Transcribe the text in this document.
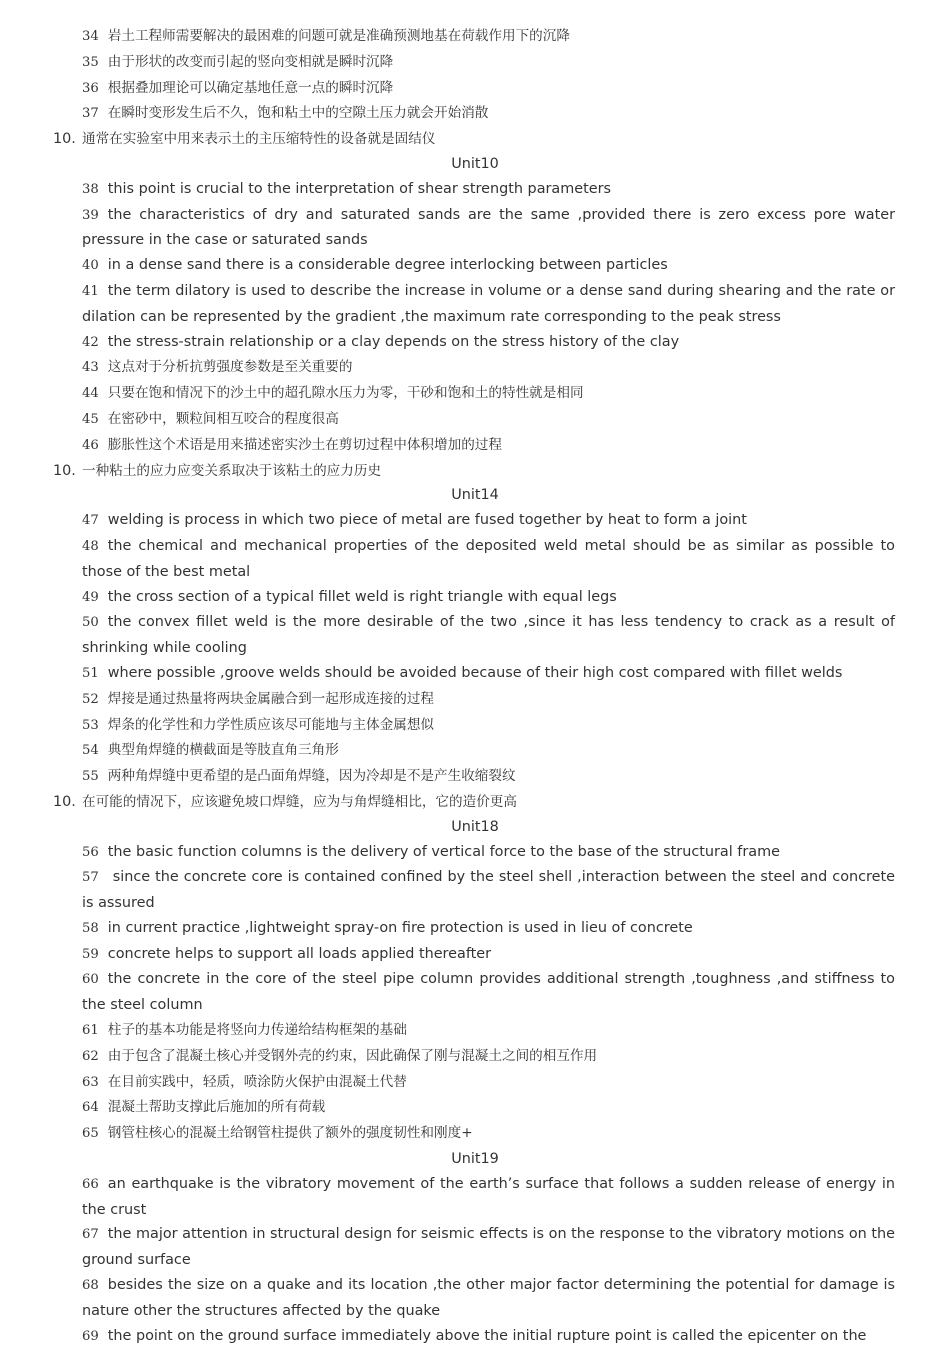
34 岩土工程师需要解决的最困难的问题可就是准确预测地基在荷载作用下的沉降
35 由于形状的改变而引起的竖向变相就是瞬时沉降
36 根据叠加理论可以确定基地任意一点的瞬时沉降
37 在瞬时变形发生后不久，饱和粘土中的空隙土压力就会开始消散
10. 通常在实验室中用来表示土的主压缩特性的设备就是固结仪
Unit10
38 this point is crucial to the interpretation of shear strength parameters
39 the characteristics of dry and saturated sands are the same ,provided there is zero excess pore water pressure in the case or saturated sands
40 in a dense sand there is a considerable degree interlocking between particles
41 the term dilatory is used to describe the increase in volume or a dense sand during shearing and the rate or dilation can be represented by the gradient ,the maximum rate corresponding to the peak stress
42 the stress-strain relationship or a clay depends on the stress history of the clay
43 这点对于分析抗剪强度参数是至关重要的
44 只要在饱和情况下的沙土中的超孔隙水压力为零，干砂和饱和土的特性就是相同
45 在密砂中，颗粒间相互咬合的程度很高
46 膨胀性这个术语是用来描述密实沙土在剪切过程中体积增加的过程
10. 一种粘土的应力应变关系取决于该粘土的应力历史
Unit14
47 welding is process in which two piece of metal are fused together by heat to form a joint
48 the chemical and mechanical properties of the deposited weld metal should be as similar as possible to those of the best metal
49 the cross section of a typical fillet weld is right triangle with equal legs
50 the convex fillet weld is the more desirable of the two ,since it has less tendency to crack as a result of shrinking while cooling
51 where possible ,groove welds should be avoided because of their high cost compared with fillet welds
52 焊接是通过热量将两块金属融合到一起形成连接的过程
53 焊条的化学性和力学性质应该尽可能地与主体金属想似
54 典型角焊缝的横截面是等肢直角三角形
55 两种角焊缝中更希望的是凸面角焊缝，因为冷却是不是产生收缩裂纹
10. 在可能的情况下，应该避免坡口焊缝，应为与角焊缝相比，它的造价更高
Unit18
56 the basic function columns is the delivery of vertical force to the base of the structural frame
57 since the concrete core is contained confined by the steel shell ,interaction between the steel and concrete is assured
58 in current practice ,lightweight spray-on fire protection is used in lieu of concrete
59 concrete helps to support all loads applied thereafter
60 the concrete in the core of the steel pipe column provides additional strength ,toughness ,and stiffness to the steel column
61 柱子的基本功能是将竖向力传递给结构框架的基础
62 由于包含了混凝土核心并受钢外壳的约束，因此确保了刚与混凝土之间的相互作用
63 在目前实践中，轻质，喷涂防火保护由混凝土代替
64 混凝土帮助支撑此后施加的所有荷载
65 钢管柱核心的混凝土给钢管柱提供了额外的强度韧性和刚度+
Unit19
66 an earthquake is the vibratory movement of the earth’s surface that follows a sudden release of energy in the crust
67 the major attention in structural design for seismic effects is on the response to the vibratory motions on the ground surface
68 besides the size on a quake and its location ,the other major factor determining the potential for damage is nature other the structures affected by the quake
69 the point on the ground surface immediately above the initial rupture point is called the epicenter on the
